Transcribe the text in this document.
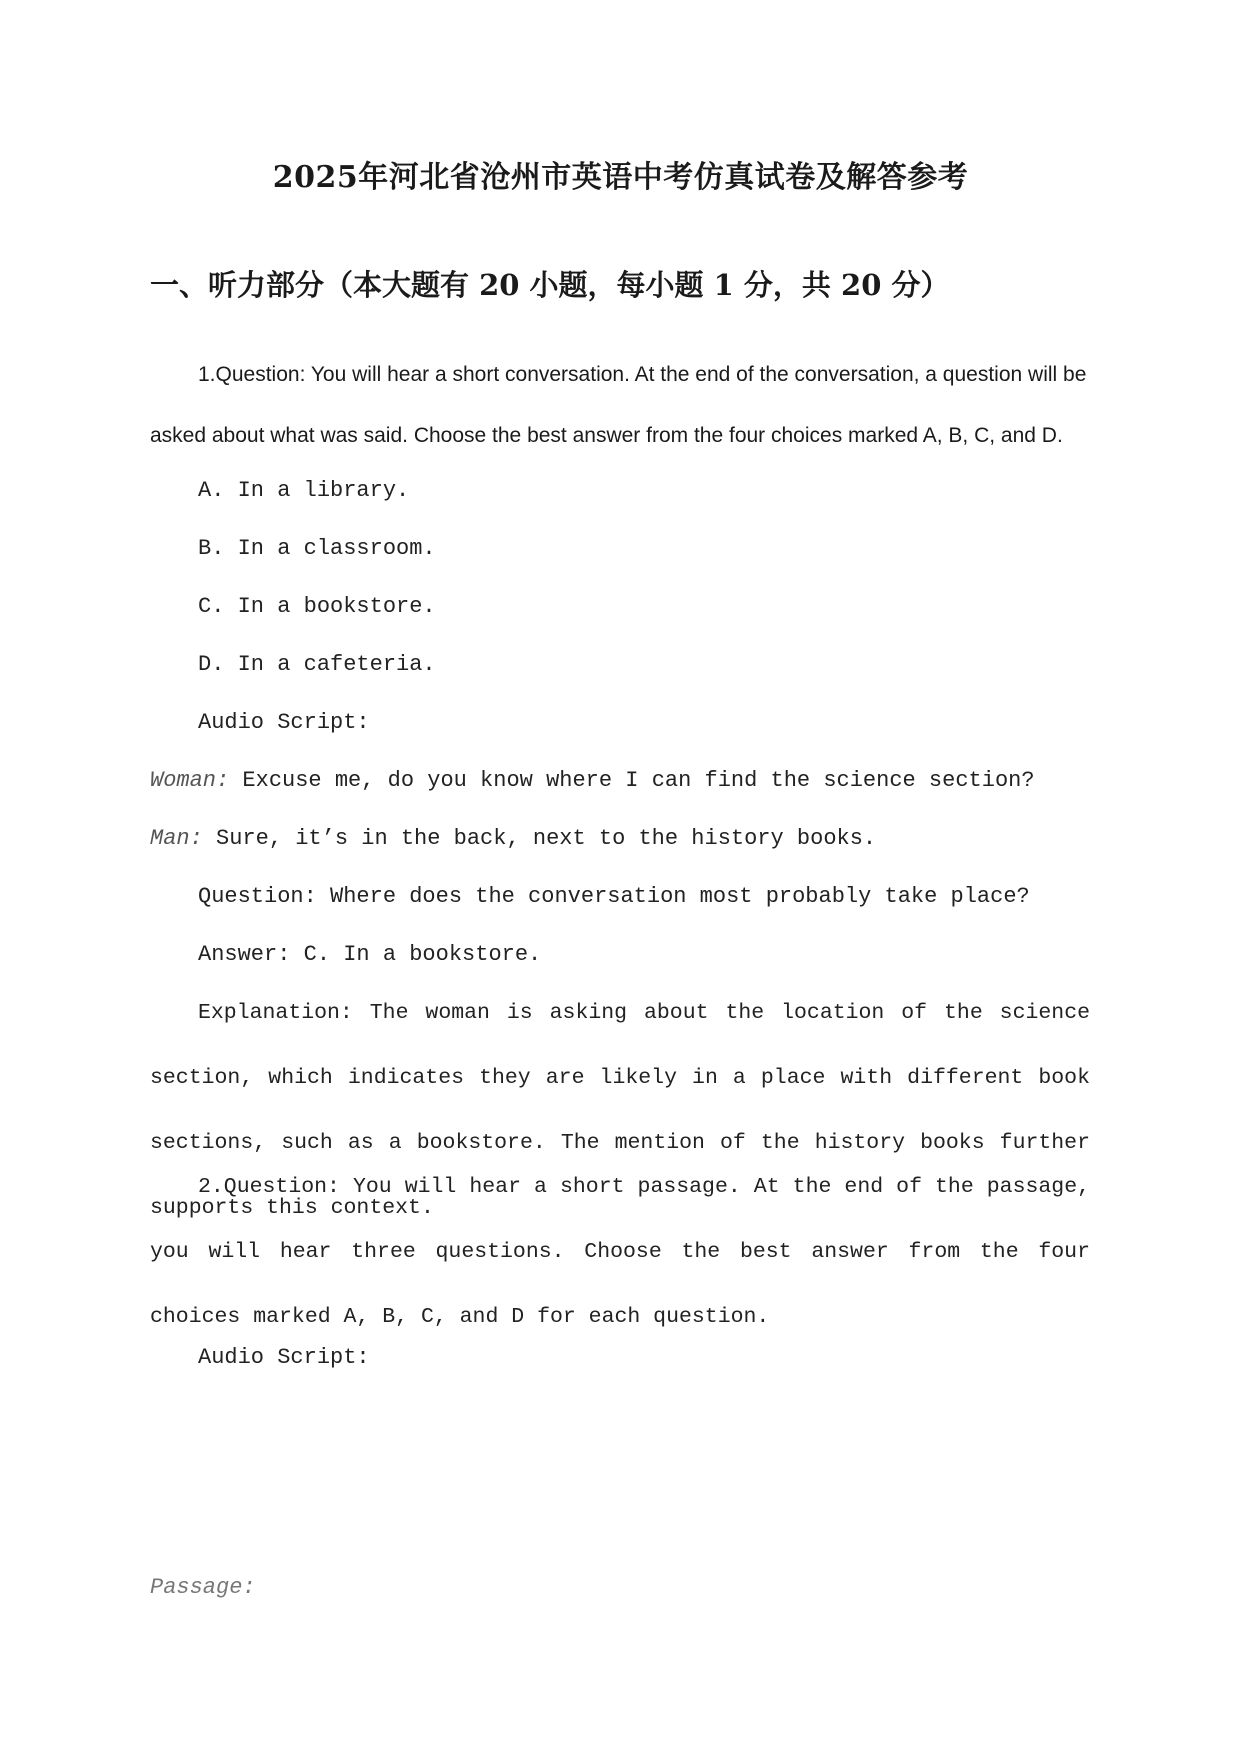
2025年河北省沧州市英语中考仿真试卷及解答参考
一、听力部分（本大题有 20 小题，每小题 1 分，共 20 分）

1.Question: You will hear a short conversation. At the end of the conversation, a question will be asked about what was said. Choose the best answer from the four choices marked A, B, C, and D.

A. In a library.

B. In a classroom.

C. In a bookstore.

D. In a cafeteria.

Audio Script:

Woman: Excuse me, do you know where I can find the science section?

Man: Sure, it’s in the back, next to the history books.

Question: Where does the conversation most probably take place?

Answer: C. In a bookstore.

Explanation: The woman is asking about the location of the science section, which indicates they are likely in a place with different book sections, such as a bookstore. The mention of the history books further supports this context.

2.Question: You will hear a short passage. At the end of the passage, you will hear three questions. Choose the best answer from the four choices marked A, B, C, and D for each question.

Audio Script:

Passage:
